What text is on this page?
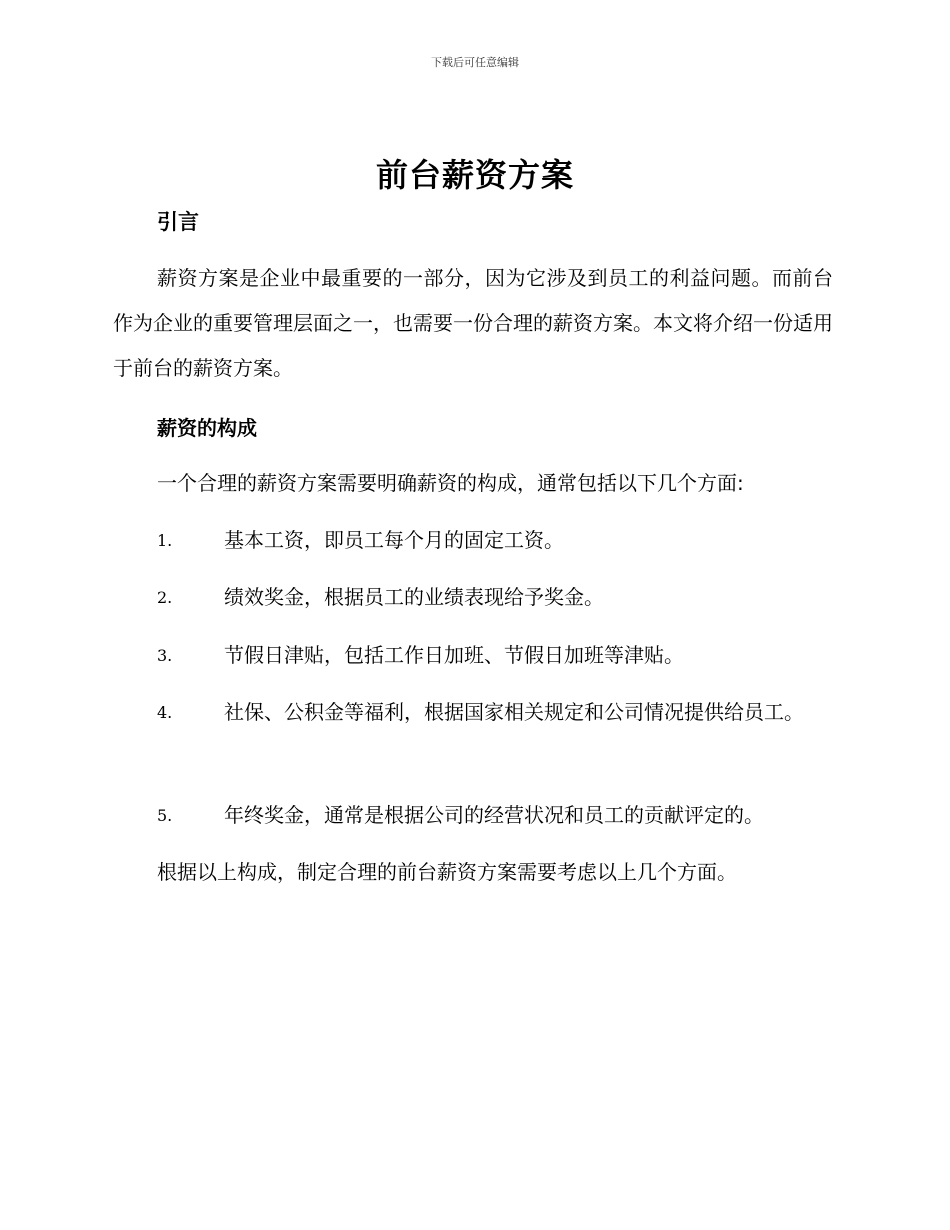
下载后可任意编辑
前台薪资方案
引言
薪资方案是企业中最重要的一部分，因为它涉及到员工的利益问题。而前台作为企业的重要管理层面之一，也需要一份合理的薪资方案。本文将介绍一份适用于前台的薪资方案。
薪资的构成
一个合理的薪资方案需要明确薪资的构成，通常包括以下几个方面:
1.	基本工资，即员工每个月的固定工资。
2.	绩效奖金，根据员工的业绩表现给予奖金。
3.	节假日津贴，包括工作日加班、节假日加班等津贴。
4.	社保、公积金等福利，根据国家相关规定和公司情况提供给员工。
5.	年终奖金，通常是根据公司的经营状况和员工的贡献评定的。
根据以上构成，制定合理的前台薪资方案需要考虑以上几个方面。
